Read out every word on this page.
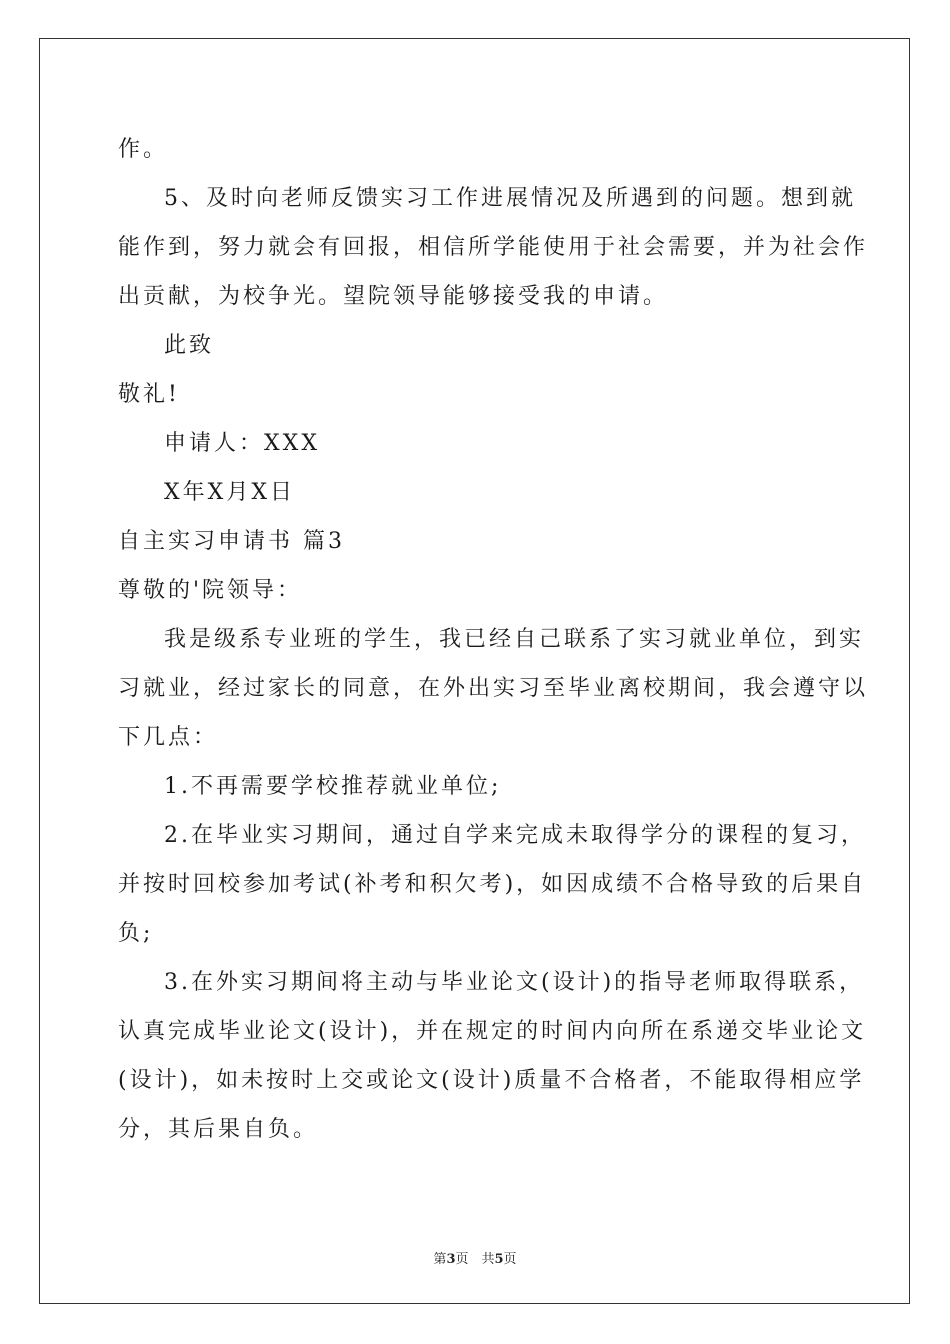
作。
5、及时向老师反馈实习工作进展情况及所遇到的问题。想到就
能作到，努力就会有回报，相信所学能使用于社会需要，并为社会作
出贡献，为校争光。望院领导能够接受我的申请。
此致
敬礼!
申请人：XXX
X年X月X日
自主实习申请书 篇3
尊敬的'院领导：
我是级系专业班的学生，我已经自己联系了实习就业单位，到实
习就业，经过家长的同意，在外出实习至毕业离校期间，我会遵守以
下几点：
1.不再需要学校推荐就业单位;
2.在毕业实习期间，通过自学来完成未取得学分的课程的复习，
并按时回校参加考试(补考和积欠考)，如因成绩不合格导致的后果自
负;
3.在外实习期间将主动与毕业论文(设计)的指导老师取得联系，
认真完成毕业论文(设计)，并在规定的时间内向所在系递交毕业论文
(设计)，如未按时上交或论文(设计)质量不合格者，不能取得相应学
分，其后果自负。
第3页　共5页
